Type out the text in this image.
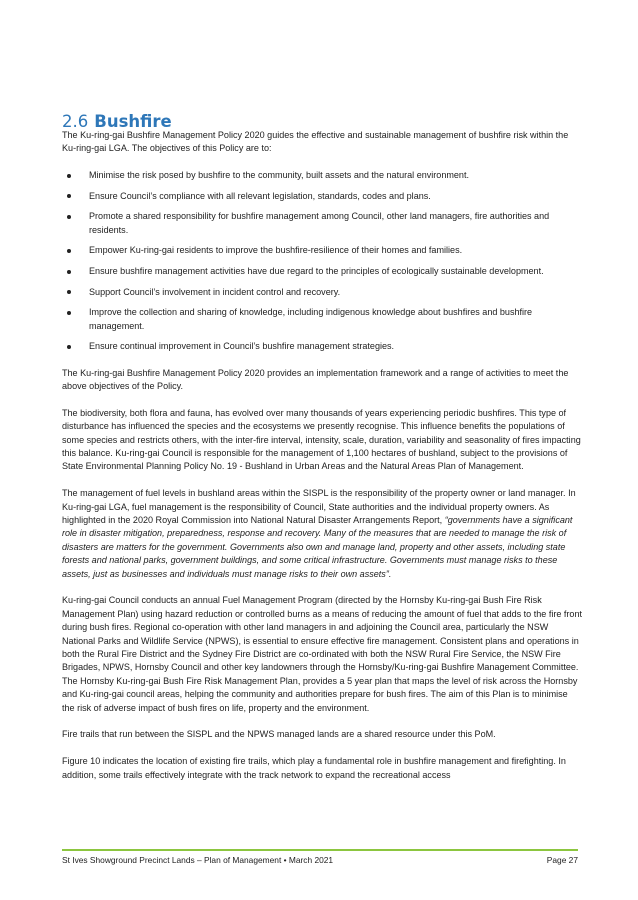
2.6 Bushfire

The Ku-ring-gai Bushfire Management Policy 2020 guides the effective and sustainable management of bushfire risk within the Ku-ring-gai LGA. The objectives of this Policy are to:

Minimise the risk posed by bushfire to the community, built assets and the natural environment.
Ensure Council’s compliance with all relevant legislation, standards, codes and plans.
Promote a shared responsibility for bushfire management among Council, other land managers, fire authorities and residents.
Empower Ku-ring-gai residents to improve the bushfire-resilience of their homes and families.
Ensure bushfire management activities have due regard to the principles of ecologically sustainable development.
Support Council’s involvement in incident control and recovery.
Improve the collection and sharing of knowledge, including indigenous knowledge about bushfires and bushfire management.
Ensure continual improvement in Council’s bushfire management strategies.

The Ku-ring-gai Bushfire Management Policy 2020 provides an implementation framework and a range of activities to meet the above objectives of the Policy.

The biodiversity, both flora and fauna, has evolved over many thousands of years experiencing periodic bushfires. This type of disturbance has influenced the species and the ecosystems we presently recognise. This influence benefits the populations of some species and restricts others, with the inter-fire interval, intensity, scale, duration, variability and seasonality of fires impacting this balance. Ku-ring-gai Council is responsible for the management of 1,100 hectares of bushland, subject to the provisions of State Environmental Planning Policy No. 19 - Bushland in Urban Areas and the Natural Areas Plan of Management.

The management of fuel levels in bushland areas within the SISPL is the responsibility of the property owner or land manager. In Ku-ring-gai LGA, fuel management is the responsibility of Council, State authorities and the individual property owners. As highlighted in the 2020 Royal Commission into National Natural Disaster Arrangements Report, “governments have a significant role in disaster mitigation, preparedness, response and recovery. Many of the measures that are needed to manage the risk of disasters are matters for the government. Governments also own and manage land, property and other assets, including state forests and national parks, government buildings, and some critical infrastructure. Governments must manage risks to these assets, just as businesses and individuals must manage risks to their own assets”.

Ku-ring-gai Council conducts an annual Fuel Management Program (directed by the Hornsby Ku-ring-gai Bush Fire Risk Management Plan) using hazard reduction or controlled burns as a means of reducing the amount of fuel that adds to the fire front during bush fires. Regional co-operation with other land managers in and adjoining the Council area, particularly the NSW National Parks and Wildlife Service (NPWS), is essential to ensure effective fire management. Consistent plans and operations in both the Rural Fire District and the Sydney Fire District are co-ordinated with both the NSW Rural Fire Service, the NSW Fire Brigades, NPWS, Hornsby Council and other key landowners through the Hornsby/Ku-ring-gai Bushfire Management Committee. The Hornsby Ku-ring-gai Bush Fire Risk Management Plan, provides a 5 year plan that maps the level of risk across the Hornsby and Ku-ring-gai council areas, helping the community and authorities prepare for bush fires. The aim of this Plan is to minimise the risk of adverse impact of bush fires on life, property and the environment.

Fire trails that run between the SISPL and the NPWS managed lands are a shared resource under this PoM.

Figure 10 indicates the location of existing fire trails, which play a fundamental role in bushfire management and firefighting. In addition, some trails effectively integrate with the track network to expand the recreational access

St Ives Showground Precinct Lands – Plan of Management • March 2021	Page 27
